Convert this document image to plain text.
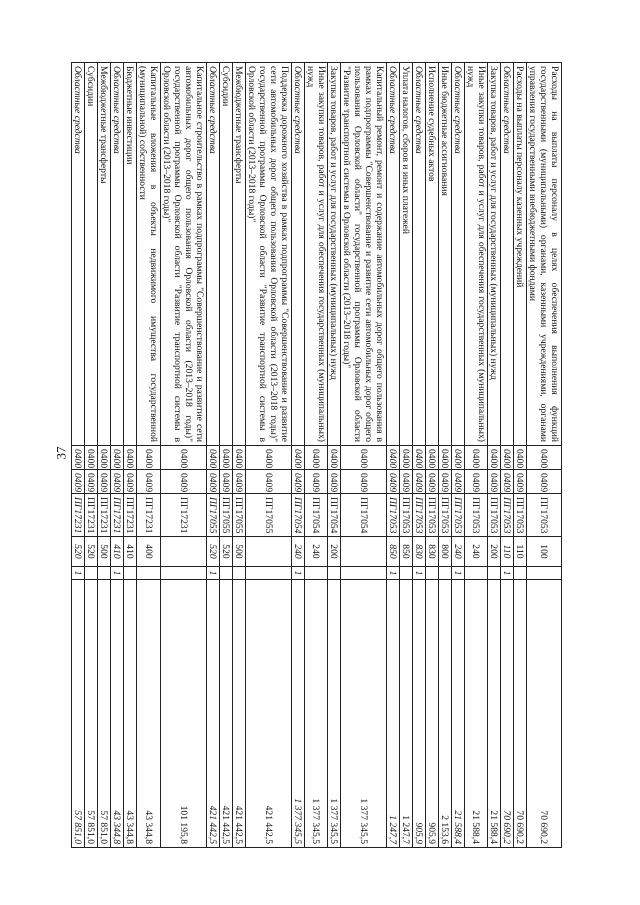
37
Расходы на выплаты персоналу в целях обеспечения выполнения функций государственными (муниципальными) органами, казенными учреждениями, органами управления государственными внебюджетными фондами	0400	0409	ПГ17053	100		70 690,2
Расходы на выплаты персоналу казенных учреждений	0400	0409	ПГ17053	110		70 690,2
Областные средства	0400	0409	ПГ17053	110	1	70 690,2
Закупка товаров, работ и услуг для государственных (муниципальных) нужд	0400	0409	ПГ17053	200		21 588,4
Иные закупки товаров, работ и услуг для обеспечения государственных (муниципальных) нужд	0400	0409	ПГ17053	240		21 588,4
Областные средства	0400	0409	ПГ17053	240	1	21 588,4
Иные бюджетные ассигнования	0400	0409	ПГ17053	800		2 153,6
Исполнение судебных актов	0400	0409	ПГ17053	830		905,9
Областные средства	0400	0409	ПГ17053	830	1	905,9
Уплата налогов, сборов и иных платежей	0400	0409	ПГ17053	850		1 247,7
Областные средства	0400	0409	ПГ17053	850	1	1 247,7
Капитальный ремонт, ремонт и содержание автомобильных дорог общего пользования в рамках подпрограммы "Совершенствование и развитие сети автомобильных дорог общего пользования Орловской области" государственной программы Орловской области "Развитие транспортной системы в Орловской области (2013–2018 годы)"	0400	0409	ПГ17054			1 377 345,5
Закупка товаров, работ и услуг для государственных (муниципальных) нужд	0400	0409	ПГ17054	200		1 377 345,5
Иные закупки товаров, работ и услуг для обеспечения государственных (муниципальных) нужд	0400	0409	ПГ17054	240		1 377 345,5
Областные средства	0400	0409	ПГ17054	240	1	1 377 345,5
Поддержка дорожного хозяйства в рамках подпрограммы "Совершенствование и развитие сети автомобильных дорог общего пользования Орловской области (2013–2018 годы)" государственной программы Орловской области "Развитие транспортной системы в Орловской области (2013–2018 годы)"	0400	0409	ПГ17055			421 442,5
Межбюджетные трансферты	0400	0409	ПГ17055	500		421 442,5
Субсидии	0400	0409	ПГ17055	520		421 442,5
Областные средства	0400	0409	ПГ17055	520	1	421 442,5
Капитальное строительство в рамках подпрограммы "Совершенствование и развитие сети автомобильных дорог общего пользования Орловской области (2013–2018 годы)" государственной программы Орловской области "Развитие транспортной системы в Орловской области (2013–2018 годы)"	0400	0409	ПГ17231			101 195,8
Капитальные вложения в объекты недвижимого имущества государственной (муниципальной) собственности	0400	0409	ПГ17231	400		43 344,8
Бюджетные инвестиции	0400	0409	ПГ17231	410		43 344,8
Областные средства	0400	0409	ПГ17231	410	1	43 344,8
Межбюджетные трансферты	0400	0409	ПГ17231	500		57 851,0
Субсидии	0400	0409	ПГ17231	520		57 851,0
Областные средства	0400	0409	ПГ17231	520	1	57 851,0
